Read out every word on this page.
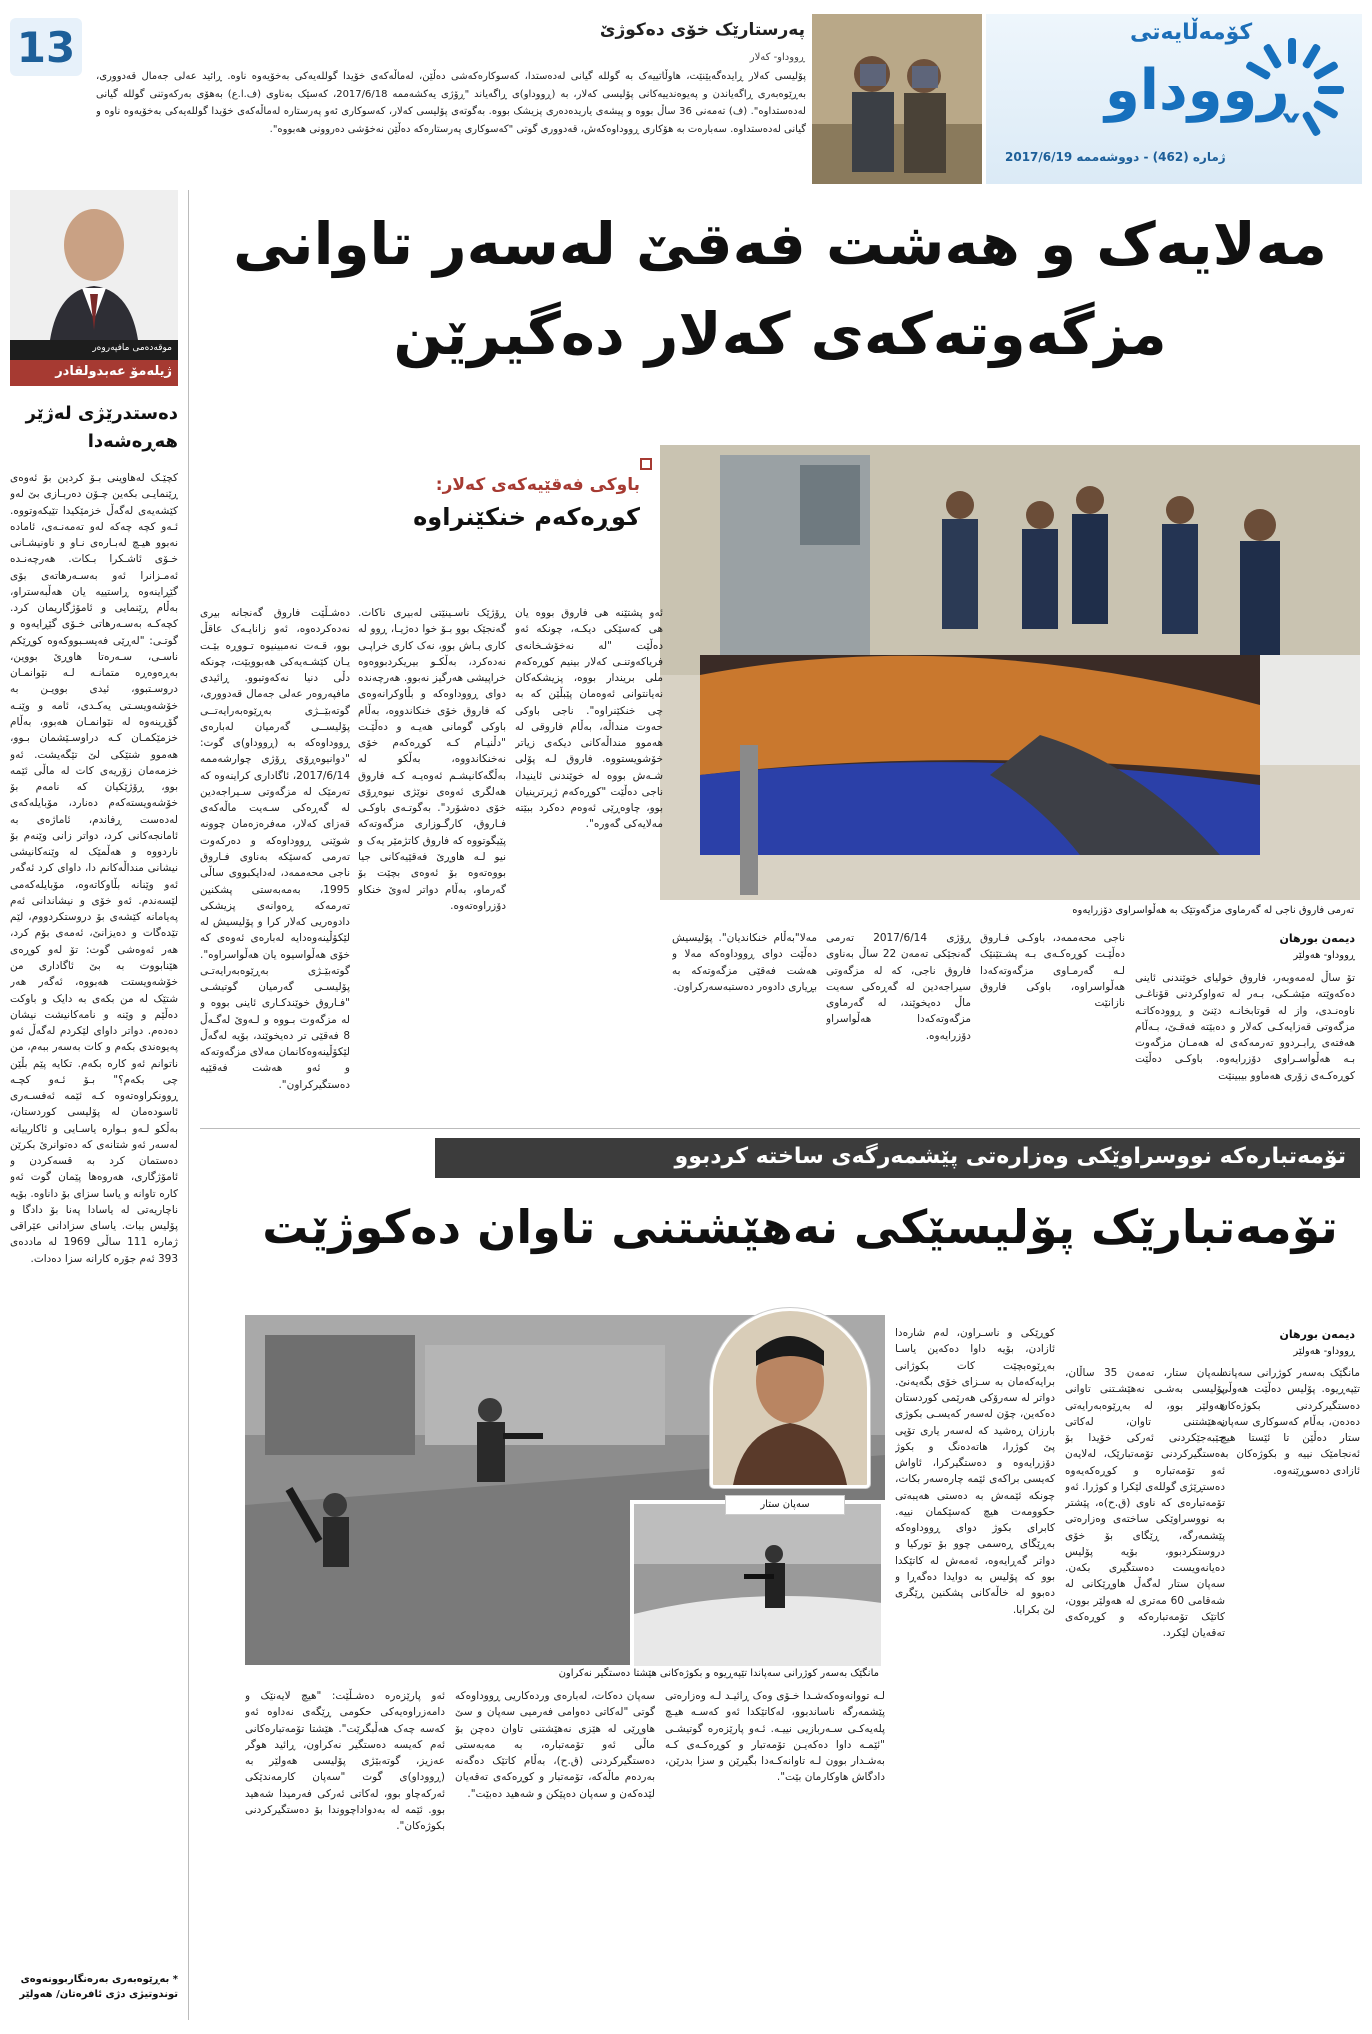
13	پەرستارێک خۆی دەکوژێ
ڕووداو- کەلار
پۆلیسی کەلار ڕایدەگەیێنێت، هاوڵاتییەک بە گوللە گیانی لەدەستدا، کەسوکارەکەشی دەڵێن، لەماڵەکەی خۆیدا گوللەیەکی بەخۆیەوە ناوە. ڕائید عەلی جەمال قەدووری، بەڕێوەبەری ڕاگەیاندن و پەیوەندییەکانی پۆلیسی کەلار، بە (ڕووداو)ی ڕاگەیاند "ڕۆژی یەکشەممە 2017/6/18، کەسێک بەناوی (ف.ا.ع) بەهۆی بەرکەوتنی گوللە گیانی لەدەستداوە". (ف) تەمەنی 36 ساڵ بووە و پیشەی یاریدەدەری پزیشک بووە. بەگوتەی پۆلیسی کەلار، کەسوکاری ئەو پەرستارە لەماڵەکەی خۆیدا گوللەیەکی بەخۆیەوە ناوە و گیانی لەدەستداوە. سەبارەت بە هۆکاری ڕووداوەکەش، قەدووری گوتی "کەسوکاری پەرستارەکە دەڵێن نەخۆشی دەروونی هەبووە".
کۆمەڵایەتی
ڕووداو
ژمارە (462) - دووشەممە 2017/6/19
موقەدەمی مافپەروەر
ژیلەمۆ عەبدولقادر
دەستدرێژی لەژێر هەڕەشەدا
کچێـک لەهاوینی بـۆ کردین بۆ ئەوەی ڕێنمایـی بکەین چـۆن دەربـازی بێ لەو کێشەیەی لەگەڵ خزمێکیدا تێیکەوتووە. ئـەو کچە چەکە لەو تەمەنـەی، ئاماده نەبوو هیـچ لەبـارەی نـاو و ناونیشـانی خـۆی ئاشـکرا بـکات. هەرچەنـدە ئەمـزانرا ئەو بەسـەرهاتەی بۆی گێڕاینەوە ڕاستییە یان هەڵبەستراو، بەڵام ڕێنمایی و ئامۆژگاریمان کرد. کچەکـە بەسـەرهاتی خـۆی گێڕایەوە و گوتـی: "لەڕێی فەیسـبووکەوە کوڕێکم ناسـی، سـەرەتا هاوڕێ بووین، بەڕەوەڕە متمانـە لـە نێوانمـان دروسـتبوو، ئیدی بوویـن بە خۆشەویسـتی یەکـدی، ئامە و وێنـە گۆڕینەوە لە نێوانمـان هەبوو، بەڵام خزمێکمـان کـە دراوسـێشمان بـوو، هەموو شتێکی لێ تێگەیشت. ئەو خزمەمان زۆریەی کات لە ماڵی ئێمە بوو، ڕۆژێکیان کە نامەم بۆ خۆشەویستەکەم دەنارد، مۆبایلەکەی لەدەست ڕفاندم، ئاماژەی بە ئامانجەکانی کرد، دواتر زانی وێنەم بۆ ناردووە و هەڵمێک لە وێنەکانیشی نیشانی منداڵەکانم دا، داوای کرد ئەگەر ئەو وێنانە بڵاوکاتەوە، مۆبایلەکەمی لێسەندم. ئەو خۆی و نیشاندانی ئەم پەیامانە کێشەی بۆ دروستکردووم، لێم تێدەگات و دەیزانێ، ئەمەی بۆم کرد، هەر ئەوەشی گوت: تۆ لەو کوڕەی هێنابووت بە بێ ئاگاداری من خۆشەویستت هەبووە، ئەگەر هەر شتێک لە من بکەی بە دایک و باوکت دەڵێم و وێنە و نامەکانیشت نیشان دەدەم. دواتر داوای لێکردم لەگەڵ ئەو پەیوەندی بکەم و کات بەسەر ببەم، من ناتوانم ئەو کارە بکەم. تکایە پێم بڵێن چی بکەم؟" بـۆ ئـەو کچـە ڕوونکراوەتەوە کـە ئێمە ئەفسـەری ئاسودەمان لە پۆلیسی کوردستان، بەڵکو لـەو بـوارە یاسـایی و ئاکارییانە لەسەر ئەو شتانەی کە دەتوانرێ بکرێن دەستمان کرد بە قسەکردن و ئامۆژگاری، هەروەها پێمان گوت ئەو کارە تاوانە و یاسا سزای بۆ داناوە. بۆیە ناچاریەتی لە یاسادا پەنا بۆ دادگا و پۆلیس ببات. یاسای سزادانی عێراقی ژمارە 111 ساڵی 1969 لە ماددەی 393 ئەم جۆرە کارانە سزا دەدات.
* بەڕێوەبەری بەرەنگاربوونەوەی توندوتیژی دژی ئافرەتان/ هەولێر
مەلایەک و هەشت فەقێ لەسەر تاوانی
مزگەوتەکەی کەلار دەگیرێن
باوکی فەقێیەکەی کەلار:
کوڕەکەم خنکێنراوە
تەرمی فاروق ناجی لە گەرماوی مزگەوتێک بە هەڵواسراوی دۆزرایەوە
دیمەن بورهان
ڕووداو- هەولێر
دەشـڵێت فاروق گەنجانە بیری نەدەکردەوە، ئەو زانایـەک عاقڵ بوو، قـەت نەمبینیوە تـووڕە بێـت یـان کێشـەیەکی هەبووبێت، چونکە دڵی دنیا نەکەوتبوو. ڕائیدی مافپەروەر عەلی جەمال قەدووری، گوتەبێــژی بەڕێوەبەرایەتــی پۆلیســی گەرمیان لەبارەی ڕووداوەکە بە (ڕووداو)ی گوت: "دوانیوەڕۆی ڕۆژی چوارشەممە 2017/6/14، ئاگاداری کراینەوە کە تەرمێک لە مزگەوتی سـیراجەدین لە گەڕەکی سـەیت ماڵەکەی قەزای کەلار، مەفرەزەمان چوونە شوێنی ڕووداوەکە و دەرکەوت تەرمی کەسێکە بەناوی فـاروق ناجی محەممەد، لەدایکبووی ساڵی 1995، بەمەبەستی پشکنین تەرمەکە ڕەوانەی پزیشکی دادوەریی کەلار کرا و پۆلیسیش لە لێکۆڵینەوەدایە لەبارەی ئەوەی کە خۆی هەڵواسیوە یان هەڵواسراوە". گوتەبێـژی بەڕێوەبەرایەتـی پۆلیسـی گەرمیان گوتیشـی "فـاروق خوێندکـاری ئاینی بووە و لە مزگەوت بـووە و لـەوێ لەگـەڵ 8 فەقێی تر دەیخوێند، بۆیە لەگەڵ لێکۆڵینەوەکانمان مەلای مزگەوتەکە و ئەو هەشت فەقێیە دەستگیرکراون".
ڕۆژێک ناسـینێتی لەبیری ناکات. گەنجێک بوو بـۆ خوا دەژیـا، ڕوو لە کاری بـاش بوو، نەک کاری خراپـی نەدەکرد، بەڵکـو بیریکردبووەوە خراپیشی هەرگیز نەبوو. هەرچەندە دوای ڕووداوەکە و بڵاوکرانەوەی کە فاروق خۆی خنکاندووە، بەڵام باوکی گومانی هەیـە و دەڵێـت "دڵنیـام کـە کوڕەکەم خۆی نەخنکاندووە، بەڵکو لە بەڵگەکانیشـم ئەوەیـە کـە فاروق هەلگری ئەوەی نوێژی نیوەڕۆی خۆی دەشۆرد". بەگوتـەی باوکـی فـاروق، کارگـوزاری مزگەوتەکە پێیگوتووە کە فاروق کاتژمێر یەک و نیو لـە هاوڕێ فەقێیەکانی جیا بووەتەوە بۆ ئەوەی بچێت بۆ گەرماو، بەڵام دواتر لەوێ خنکاو دۆزراوەتەوە.
ئەو پشتێنە هی فاروق بووە یان هی کەسێکی دیکـە، چونکە ئەو دەڵێت "لە نەخۆشـخانەی فریاکەوتنـی کەلار بینیم کوڕەکەم ملی بریندار بووە، پزیشکەکان نەیانتوانی ئەوەمان پێبڵێن کە بە چی خنکێنراوە". ناجی باوکی حەوت منداڵە، بەڵام فاروقی لە هەموو منداڵەکانی دیکەی زیاتر خۆشویستووە. فاروق لـە پۆلی شـەش بووە لە خوێندنی ئاینیدا، ناجی دەڵێت "کوڕەکەم ژیرترینیان بوو، چاوەڕێی ئەوەم دەکرد ببێتە مەلایەکی گەورە".
مەلا"بەڵام خنکاندیان". پۆلیسیش دەڵێت دوای ڕووداوەکە مەلا و هەشت فەقێی مزگەوتەکە بە بڕیاری دادوەر دەستبەسەرکراون.
ڕۆژی 2017/6/14 تەرمی گەنجێکی تەمەن 22 ساڵ بەناوی فاروق ناجی، کە لە مزگەوتی سیراجەدین لە گەڕەکی سەیت ماڵ دەیخوێند، لە گەرماوی مزگەوتەکەدا هەڵواسراو دۆزرایەوە.
ناجی محەممەد، باوکـی فـاروق دەڵێـت کوڕەکـەی بـە پشـتێنێک لـە گەرمـاوی مزگەوتەکەدا هەڵواسراوە، باوکی فاروق نازانێت
تۆ ساڵ لەمەوبەر، فاروق خولیای خوێندنی ئاینی دەکەوێتە مێشـکی، بـەر لە تەواوکردنی قۆناغـی ناوەنـدی، واز لە قوتابخانـە دێنێ و ڕوودەکاتـە مزگەوتی قەزایەکـی کەلار و دەبێتە فەقـێ، بـەڵام هەفتەی ڕابـردوو تەرمەکەی لە هەمـان مزگەوت بـە هەڵواسـراوی دۆزرایەوە. باوکـی دەڵێت کوڕەکـەی زۆری هەماوو بیبینێت
تۆمەتبارەکە نووسراوێکی وەزارەتی پێشمەرگەی ساختە کردبوو
تۆمەتبارێک پۆلیسێکی نەهێشتنی تاوان دەکوژێت
سەپان ستار
مانگێک بەسەر کوژرانی سەپاندا تێپەڕیوە و بکوژەکانی هێشتا دەستگیر نەکراون
دیمەن بورهان
ڕووداو- هەولێر
کوڕێکی و ناسـراون، لەم شارەدا ئازادن، بۆیە داوا دەکەین یاسـا بەڕێوەبچێت کات بکوژانی برایەکەمان بە سـزای خۆی بگەیەنێ. دواتر لە سەرۆکی هەرێمی کوردستان دەکەین، چۆن لەسەر کەیسـی بکوژی بارزان ڕەشید کە لەسەر یاری تۆپی پێ کوژرا، هاتەدەنگ و بکوژ دۆزرایەوە و دەستگیرکرا، ئاواش کەیسی براکەی ئێمە چارەسەر بکات، چونکە ئێمەش بە دەستی هەیبەتی حکوومەت هیچ کەسێکمان نییە. کابرای بکوژ دوای ڕووداوەکە بەڕێگای ڕەسمی چوو بۆ تورکیا و دواتر گەڕایەوە، ئەمەش لە کاتێکدا بوو کە پۆلیس بە دوایدا دەگەڕا و دەبوو لە خاڵەکانی پشکنین ڕێگری لێ بکرابا.
سەپان ستار، تەمەن 35 ساڵان، پۆلیسی بەشـی نەهێشـتنی تاوانی هەولێر بوو، لە بەڕێوەبەرایەتی نەهێشتنی تاوان، لەکاتی جێبەجێکردنی ئەرکی خۆیدا بۆ دەستگیرکردنی تۆمەتبارێک، لەلایەن ئەو تۆمەتبارە و کوڕەکەیەوە دەستڕێژی گوللەی لێکرا و کوژرا. ئەو تۆمەتبارەی کە ناوی (ق.ح)ە، پێشتر بە نووسراوێکی ساختەی وەزارەتی پێشمەرگە، ڕێگای بۆ خۆی دروستکردبوو، بۆیە پۆلیس دەیانەویست دەستگیری بکەن. سەپان ستار لەگەڵ هاوڕێکانی لە شەقامی 60 مەتری لە هەولێر بوون، کاتێک تۆمەتبارەکە و کوڕەکەی تەقەیان لێکرد.
مانگێک بەسەر کوژرانی سەپاندا تێپەڕیوە. پۆلیس دەڵێت هەوڵی دەستگیرکردنی بکوژەکان دەدەن، بەڵام کەسوکاری سەپان ستار دەڵێن تا ئێستا هیچ ئەنجامێک نییە و بکوژەکان بە ئازادی دەسوڕێنەوە.
ئەو پارێزەرە دەشـڵێت: "هیچ لایەنێک و دامەزراوەیەکی حکومی ڕێگەی نەداوە ئەو کەسە چەک هەڵبگرێت". هێشتا تۆمەتبارەکانی ئەم کەیسە دەستگیر نەکراون، ڕائید هوگر عەزیز، گوتەبێژی پۆلیسی هەولێر بە (ڕووداو)ی گوت "سەپان کارمەندێکی ئەرکەچاو بوو، لەکاتی ئەرکی فەرمیدا شەهید بوو. ئێمە لە بەدواداچووندا بۆ دەستگیرکردنی بکوژەکان".
سەپان دەکات، لەبارەی وردەکاریی ڕووداوەکە گوتی "لەکاتی دەوامی فەرمیی سەپان و سێ هاوڕێی لە هێزی نەهێشتنی تاوان دەچن بۆ ماڵی ئەو تۆمەتبارە، بە مەبەستی دەستگیرکردنی (ق.ح)، بەڵام کاتێک دەگەنە بەردەم ماڵەکە، تۆمەتبار و کوڕەکەی تەقەیان لێدەکەن و سەپان دەپێکن و شەهید دەبێت".
لـە تووانەوەکەشـدا خـۆی وەک ڕائیـد لـە وەزارەتی پێشمەرگە ناساندبوو، لەکاتێکدا ئەو کەسـە هیـچ پلەیەکـی سـەربازیی نییـە. ئـەو پارێزەرە گوتیشـی "ئێمـە داوا دەکەیـن تۆمەتبار و کوڕەکـەی کـە بەشـدار بوون لـە تاوانەکـەدا بگیرێن و سزا بدرێن، دادگاش هاوکارمان بێت".
